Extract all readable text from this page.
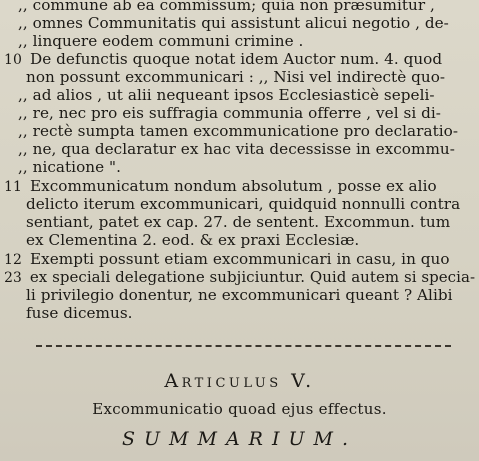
,, commune ab ea commissum; quia non præsumitur ,
,, omnes Communitatis qui assistunt alicui negotio , de-
,, linquere eodem communi crimine .
10 De defunctis quoque notat idem Auctor num. 4. quod
non possunt excommunicari : ,, Nisi vel indirectè quo-
,, ad alios , ut alii nequeant ipsos Ecclesiasticè sepeli-
,, re, nec pro eis suffragia communia offerre , vel si di-
,, rectè sumpta tamen excommunicatione pro declaratio-
,, ne, qua declaratur ex hac vita decessisse in excommu-
,, nicatione ".
11 Excommunicatum nondum absolutum , posse ex alio
delicto iterum excommunicari, quidquid nonnulli contra
sentiant, patet ex cap. 27. de sentent. Excommun. tum
ex Clementina 2. eod. & ex praxi Ecclesiæ.
12 Exempti possunt etiam excommunicari in casu, in quo
23 ex speciali delegatione subjiciuntur. Quid autem si specia-
li privilegio donentur, ne excommunicari queant ? Alibi
fuse dicemus.
Articulus V.
Excommunicatio quoad ejus effectus.
SUMMARIUM.
